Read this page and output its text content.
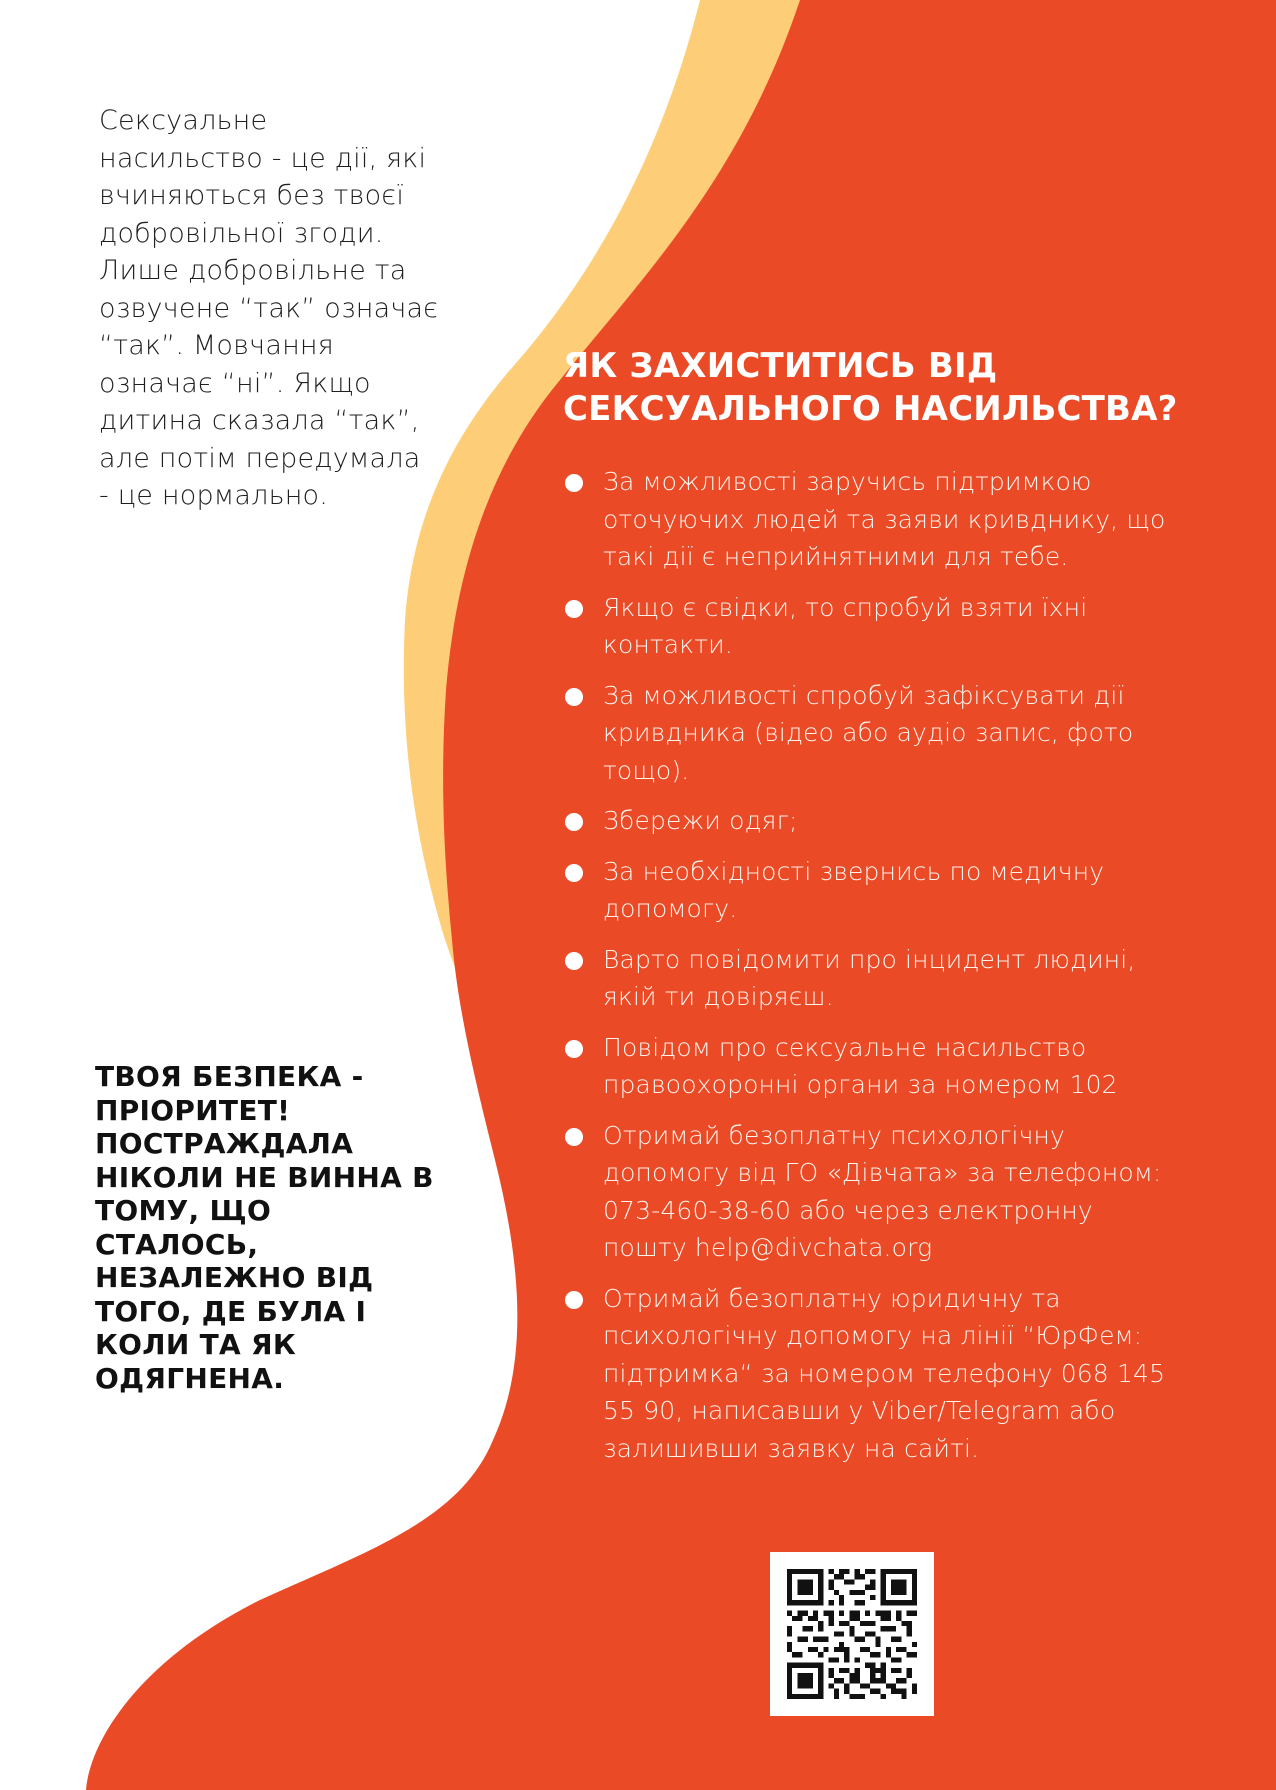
Сексуальне насильство - це дії, які вчиняються без твоєї добровільної згоди. Лише добровільне та озвучене “так” означає “так”. Мовчання означає “ні”. Якщо дитина сказала “так”, але потім передумала - це нормально.

ТВОЯ БЕЗПЕКА - ПРІОРИТЕТ! ПОСТРАЖДАЛА НІКОЛИ НЕ ВИННА В ТОМУ, ЩО СТАЛОСЬ, НЕЗАЛЕЖНО ВІД ТОГО, ДЕ БУЛА І КОЛИ ТА ЯК ОДЯГНЕНА.

ЯК ЗАХИСТИТИСЬ ВІД СЕКСУАЛЬНОГО НАСИЛЬСТВА?
За можливості заручись підтримкою оточуючих людей та заяви кривднику, що такі дії є неприйнятними для тебе.
Якщо є свідки, то спробуй взяти їхні контакти.
За можливості спробуй зафіксувати дії кривдника (відео або аудіо запис, фото тощо).
Збережи одяг;
За необхідності звернись по медичну допомогу.
Варто повідомити про інцидент людині, якій ти довіряєш.
Повідом про сексуальне насильство правоохоронні органи за номером 102
Отримай безоплатну психологічну допомогу від ГО «Дівчата» за телефоном: 073-460-38-60 або через електронну пошту help@divchata.org
Отримай безоплатну юридичну та психологічну допомогу на лінії “ЮрФем: підтримка“ за номером телефону 068 145 55 90, написавши у Viber/Telegram або залишивши заявку на сайті.
